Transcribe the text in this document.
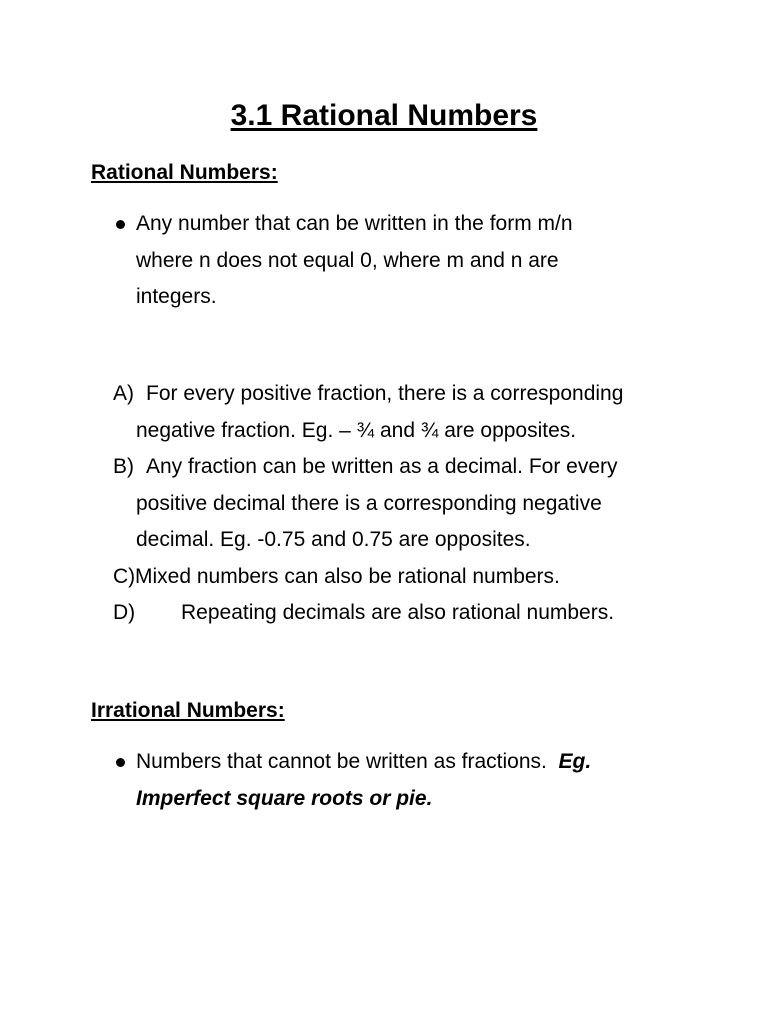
3.1 Rational Numbers
Rational Numbers:
Any number that can be written in the form m/n
where n does not equal 0, where m and n are
integers.
A) For every positive fraction, there is a corresponding
negative fraction. Eg. – ¾ and ¾ are opposites.
B) Any fraction can be written as a decimal. For every
positive decimal there is a corresponding negative
decimal. Eg. -0.75 and 0.75 are opposites.
C) Mixed numbers can also be rational numbers.
D) Repeating decimals are also rational numbers.
Irrational Numbers:
Numbers that cannot be written as fractions. Eg.
Imperfect square roots or pie.
